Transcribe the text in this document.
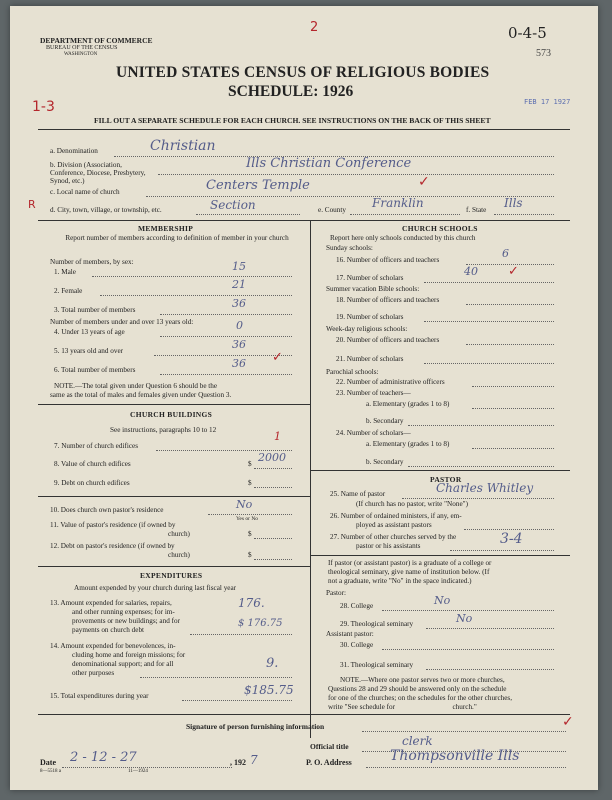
DEPARTMENT OF COMMERCE
BUREAU OF THE CENSUS
WASHINGTON
2	0-4-5
573
UNITED STATES CENSUS OF RELIGIOUS BODIES
SCHEDULE: 1926
FEB 17 1927
1-3
FILL OUT A SEPARATE SCHEDULE FOR EACH CHURCH. SEE INSTRUCTIONS ON THE BACK OF THIS SHEET
a. Denomination	Christian
b. Division (Association, Conference, Diocese, Presbytery, Synod, etc.)
Ills Christian Conference
c. Local name of church	Centers Temple	✓
R d. City, town, village, or township, etc.	Section	e. County Franklin	f. State Ills
MEMBERSHIP
Report number of members according to definition of member in your church
Number of members, by sex:
1. Male	15
2. Female	21
3. Total number of members	36
Number of members under and over 13 years old:
4. Under 13 years of age	0
5. 13 years old and over	36
6. Total number of members	36 ✓
NOTE.—The total given under Question 6 should be the
same as the total of males and females given under Question 3.
CHURCH BUILDINGS
See instructions, paragraphs 10 to 12
7. Number of church edifices
1
8. Value of church edifices	$ 2000
9. Debt on church edifices	$
10. Does church own pastor's residence	No
Yes or No
11. Value of pastor's residence (if owned by
church)	$
12. Debt on pastor's residence (if owned by
church)	$
EXPENDITURES
Amount expended by your church during last fiscal year
13. Amount expended for salaries, repairs,
and other running expenses; for im-
provements or new buildings; and for
payments on church debt
176.
$ 176.75
14. Amount expended for benevolences, in-
cluding home and foreign missions; for
denominational support; and for all
other purposes
9.
15. Total expenditures during year	$185.75
CHURCH SCHOOLS
Report here only schools conducted by this church
Sunday schools:
16. Number of officers and teachers	6
17. Number of scholars	40 ✓
Summer vacation Bible schools:
18. Number of officers and teachers
19. Number of scholars
Week-day religious schools:
20. Number of officers and teachers
21. Number of scholars
Parochial schools:
22. Number of administrative officers
23. Number of teachers—
a. Elementary (grades 1 to 8)
b. Secondary
24. Number of scholars—
a. Elementary (grades 1 to 8)
b. Secondary
PASTOR
25. Name of pastor	Charles Whitley
(If church has no pastor, write "None")
26. Number of ordained ministers, if any, em-
ployed as assistant pastors
27. Number of other churches served by the
pastor or his assistants	3-4
If pastor (or assistant pastor) is a graduate of a college or
theological seminary, give name of institution below. (If
not a graduate, write "No" in the space indicated.)
Pastor:
28. College	No
29. Theological seminary	No
Assistant pastor:
30. College
31. Theological seminary
NOTE.—Where one pastor serves two or more churches,
Questions 28 and 29 should be answered only on the schedule
for one of the churches; on the schedules for the other churches,
write "See schedule for                                church."
Signature of person furnishing information	✓
Official title	clerk
Date 2 - 12 - 27	, 192 7	P. O. Address	Thompsonville Ills
8—5518 a	11—1924
